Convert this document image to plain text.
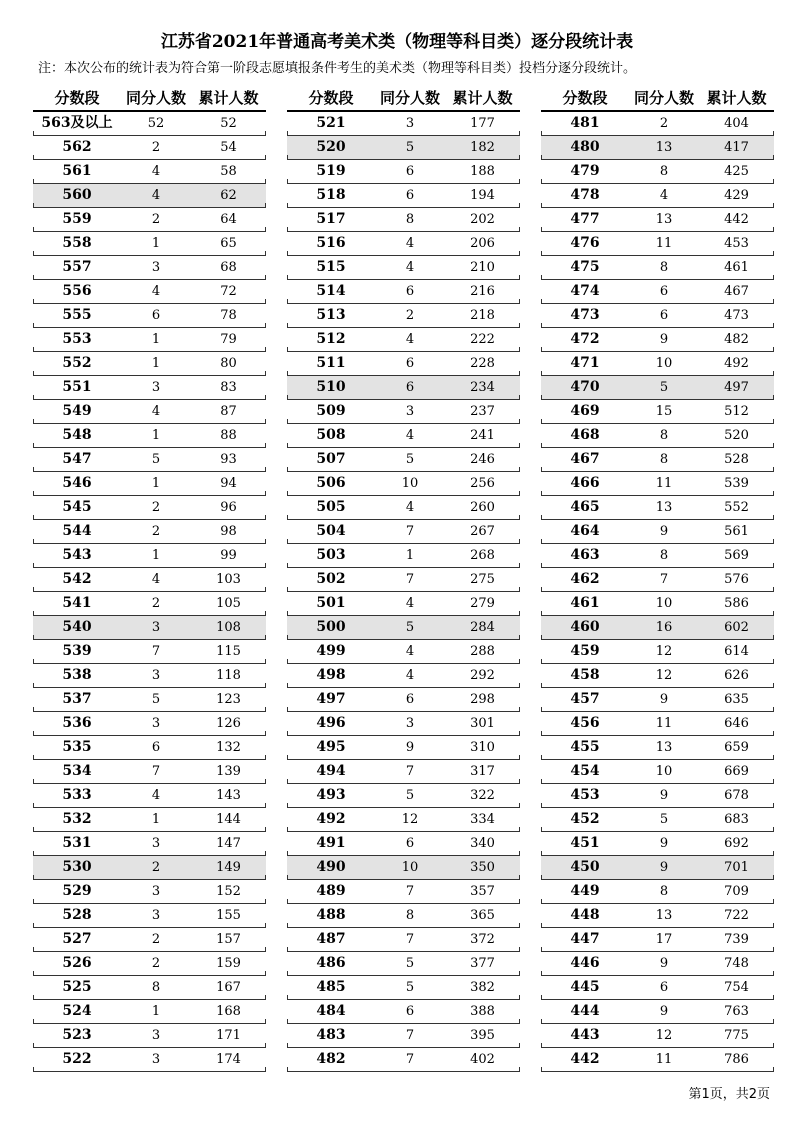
江苏省2021年普通高考美术类（物理等科目类）逐分段统计表
注：本次公布的统计表为符合第一阶段志愿填报条件考生的美术类（物理等科目类）投档分逐分段统计。
分数段 同分人数 累计人数
563及以上	52	52
562	2	54
561	4	58
560	4	62
559	2	64
558	1	65
557	3	68
556	4	72
555	6	78
553	1	79
552	1	80
551	3	83
549	4	87
548	1	88
547	5	93
546	1	94
545	2	96
544	2	98
543	1	99
542	4	103
541	2	105
540	3	108
539	7	115
538	3	118
537	5	123
536	3	126
535	6	132
534	7	139
533	4	143
532	1	144
531	3	147
530	2	149
529	3	152
528	3	155
527	2	157
526	2	159
525	8	167
524	1	168
523	3	171
522	3	174
分数段 同分人数 累计人数
521	3	177
520	5	182
519	6	188
518	6	194
517	8	202
516	4	206
515	4	210
514	6	216
513	2	218
512	4	222
511	6	228
510	6	234
509	3	237
508	4	241
507	5	246
506	10	256
505	4	260
504	7	267
503	1	268
502	7	275
501	4	279
500	5	284
499	4	288
498	4	292
497	6	298
496	3	301
495	9	310
494	7	317
493	5	322
492	12	334
491	6	340
490	10	350
489	7	357
488	8	365
487	7	372
486	5	377
485	5	382
484	6	388
483	7	395
482	7	402
分数段 同分人数 累计人数
481	2	404
480	13	417
479	8	425
478	4	429
477	13	442
476	11	453
475	8	461
474	6	467
473	6	473
472	9	482
471	10	492
470	5	497
469	15	512
468	8	520
467	8	528
466	11	539
465	13	552
464	9	561
463	8	569
462	7	576
461	10	586
460	16	602
459	12	614
458	12	626
457	9	635
456	11	646
455	13	659
454	10	669
453	9	678
452	5	683
451	9	692
450	9	701
449	8	709
448	13	722
447	17	739
446	9	748
445	6	754
444	9	763
443	12	775
442	11	786
第1页，共2页
